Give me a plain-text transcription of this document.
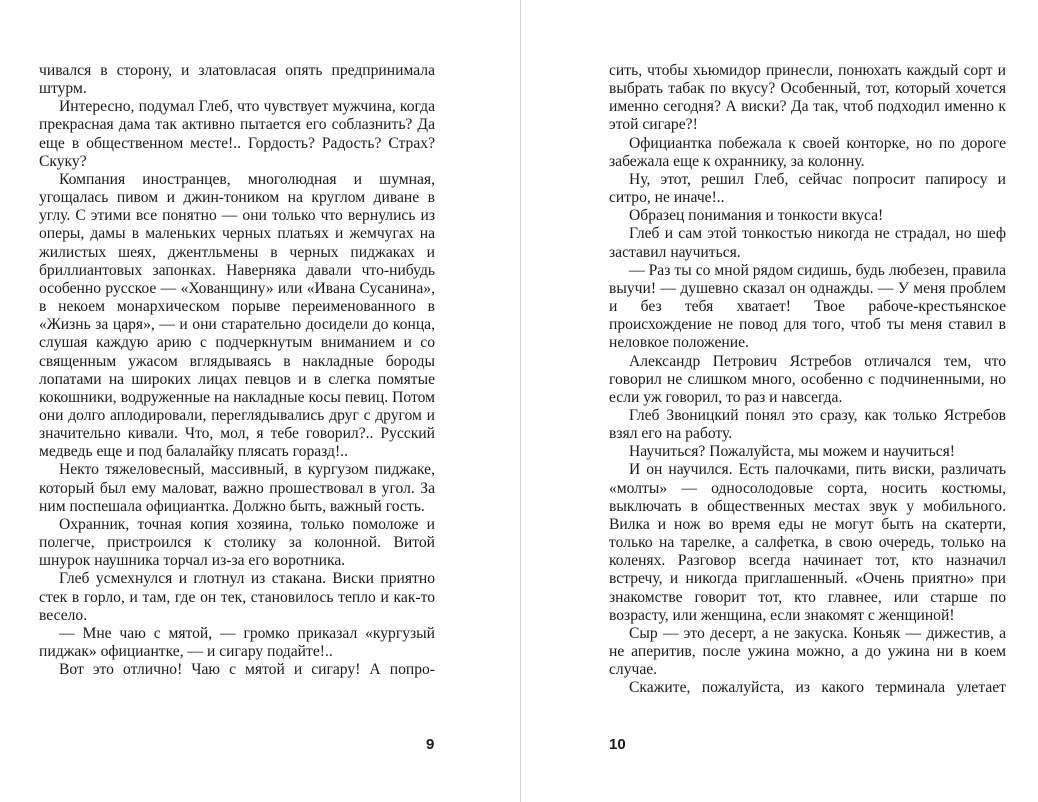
чивался в сторону, и златовласая опять предпринимала штурм.

Интересно, подумал Глеб, что чувствует мужчина, когда прекрасная дама так активно пытается его соблазнить? Да еще в общественном месте!.. Гордость? Радость? Страх? Скуку?

Компания иностранцев, многолюдная и шумная, угощалась пивом и джин-тоником на круглом диване в углу. С этими все понятно — они только что вернулись из оперы, дамы в маленьких черных платьях и жемчугах на жилистых шеях, джентльмены в черных пиджаках и бриллиантовых запонках. Наверняка давали что-нибудь особенно русское — «Хованщину» или «Ивана Сусанина», в некоем монархическом порыве переименованного в «Жизнь за царя», — и они старательно досидели до конца, слушая каждую арию с подчеркнутым вниманием и со священным ужасом вглядываясь в накладные бороды лопатами на широких лицах певцов и в слегка помятые кокошники, водруженные на накладные косы певиц. Потом они долго аплодировали, переглядывались друг с другом и значительно кивали. Что, мол, я тебе говорил?.. Русский медведь еще и под балалайку плясать горазд!..

Некто тяжеловесный, массивный, в кургузом пиджаке, который был ему маловат, важно прошествовал в угол. За ним поспешала официантка. Должно быть, важный гость.

Охранник, точная копия хозяина, только помоложе и полегче, пристроился к столику за колонной. Витой шнурок наушника торчал из-за его воротника.

Глеб усмехнулся и глотнул из стакана. Виски приятно стек в горло, и там, где он тек, становилось тепло и как-то весело.

— Мне чаю с мятой, — громко приказал «кургузый пиджак» официантке, — и сигару подайте!..

Вот это отлично! Чаю с мятой и сигару! А попро-

9

сить, чтобы хьюмидор принесли, понюхать каждый сорт и выбрать табак по вкусу? Особенный, тот, который хочется именно сегодня? А виски? Да так, чтоб подходил именно к этой сигаре?!

Официантка побежала к своей конторке, но по дороге забежала еще к охраннику, за колонну.

Ну, этот, решил Глеб, сейчас попросит папиросу и ситро, не иначе!..

Образец понимания и тонкости вкуса!

Глеб и сам этой тонкостью никогда не страдал, но шеф заставил научиться.

— Раз ты со мной рядом сидишь, будь любезен, правила выучи! — душевно сказал он однажды. — У меня проблем и без тебя хватает! Твое рабоче-крестьянское происхождение не повод для того, чтоб ты меня ставил в неловкое положение.

Александр Петрович Ястребов отличался тем, что говорил не слишком много, особенно с подчиненными, но если уж говорил, то раз и навсегда.

Глеб Звоницкий понял это сразу, как только Ястребов взял его на работу.

Научиться? Пожалуйста, мы можем и научиться!

И он научился. Есть палочками, пить виски, различать «молты» — односолодовые сорта, носить костюмы, выключать в общественных местах звук у мобильного. Вилка и нож во время еды не могут быть на скатерти, только на тарелке, а салфетка, в свою очередь, только на коленях. Разговор всегда начинает тот, кто назначил встречу, и никогда приглашенный. «Очень приятно» при знакомстве говорит тот, кто главнее, или старше по возрасту, или женщина, если знакомят с женщиной!

Сыр — это десерт, а не закуска. Коньяк — дижестив, а не аперитив, после ужина можно, а до ужина ни в коем случае.

Скажите, пожалуйста, из какого терминала улетает

10
